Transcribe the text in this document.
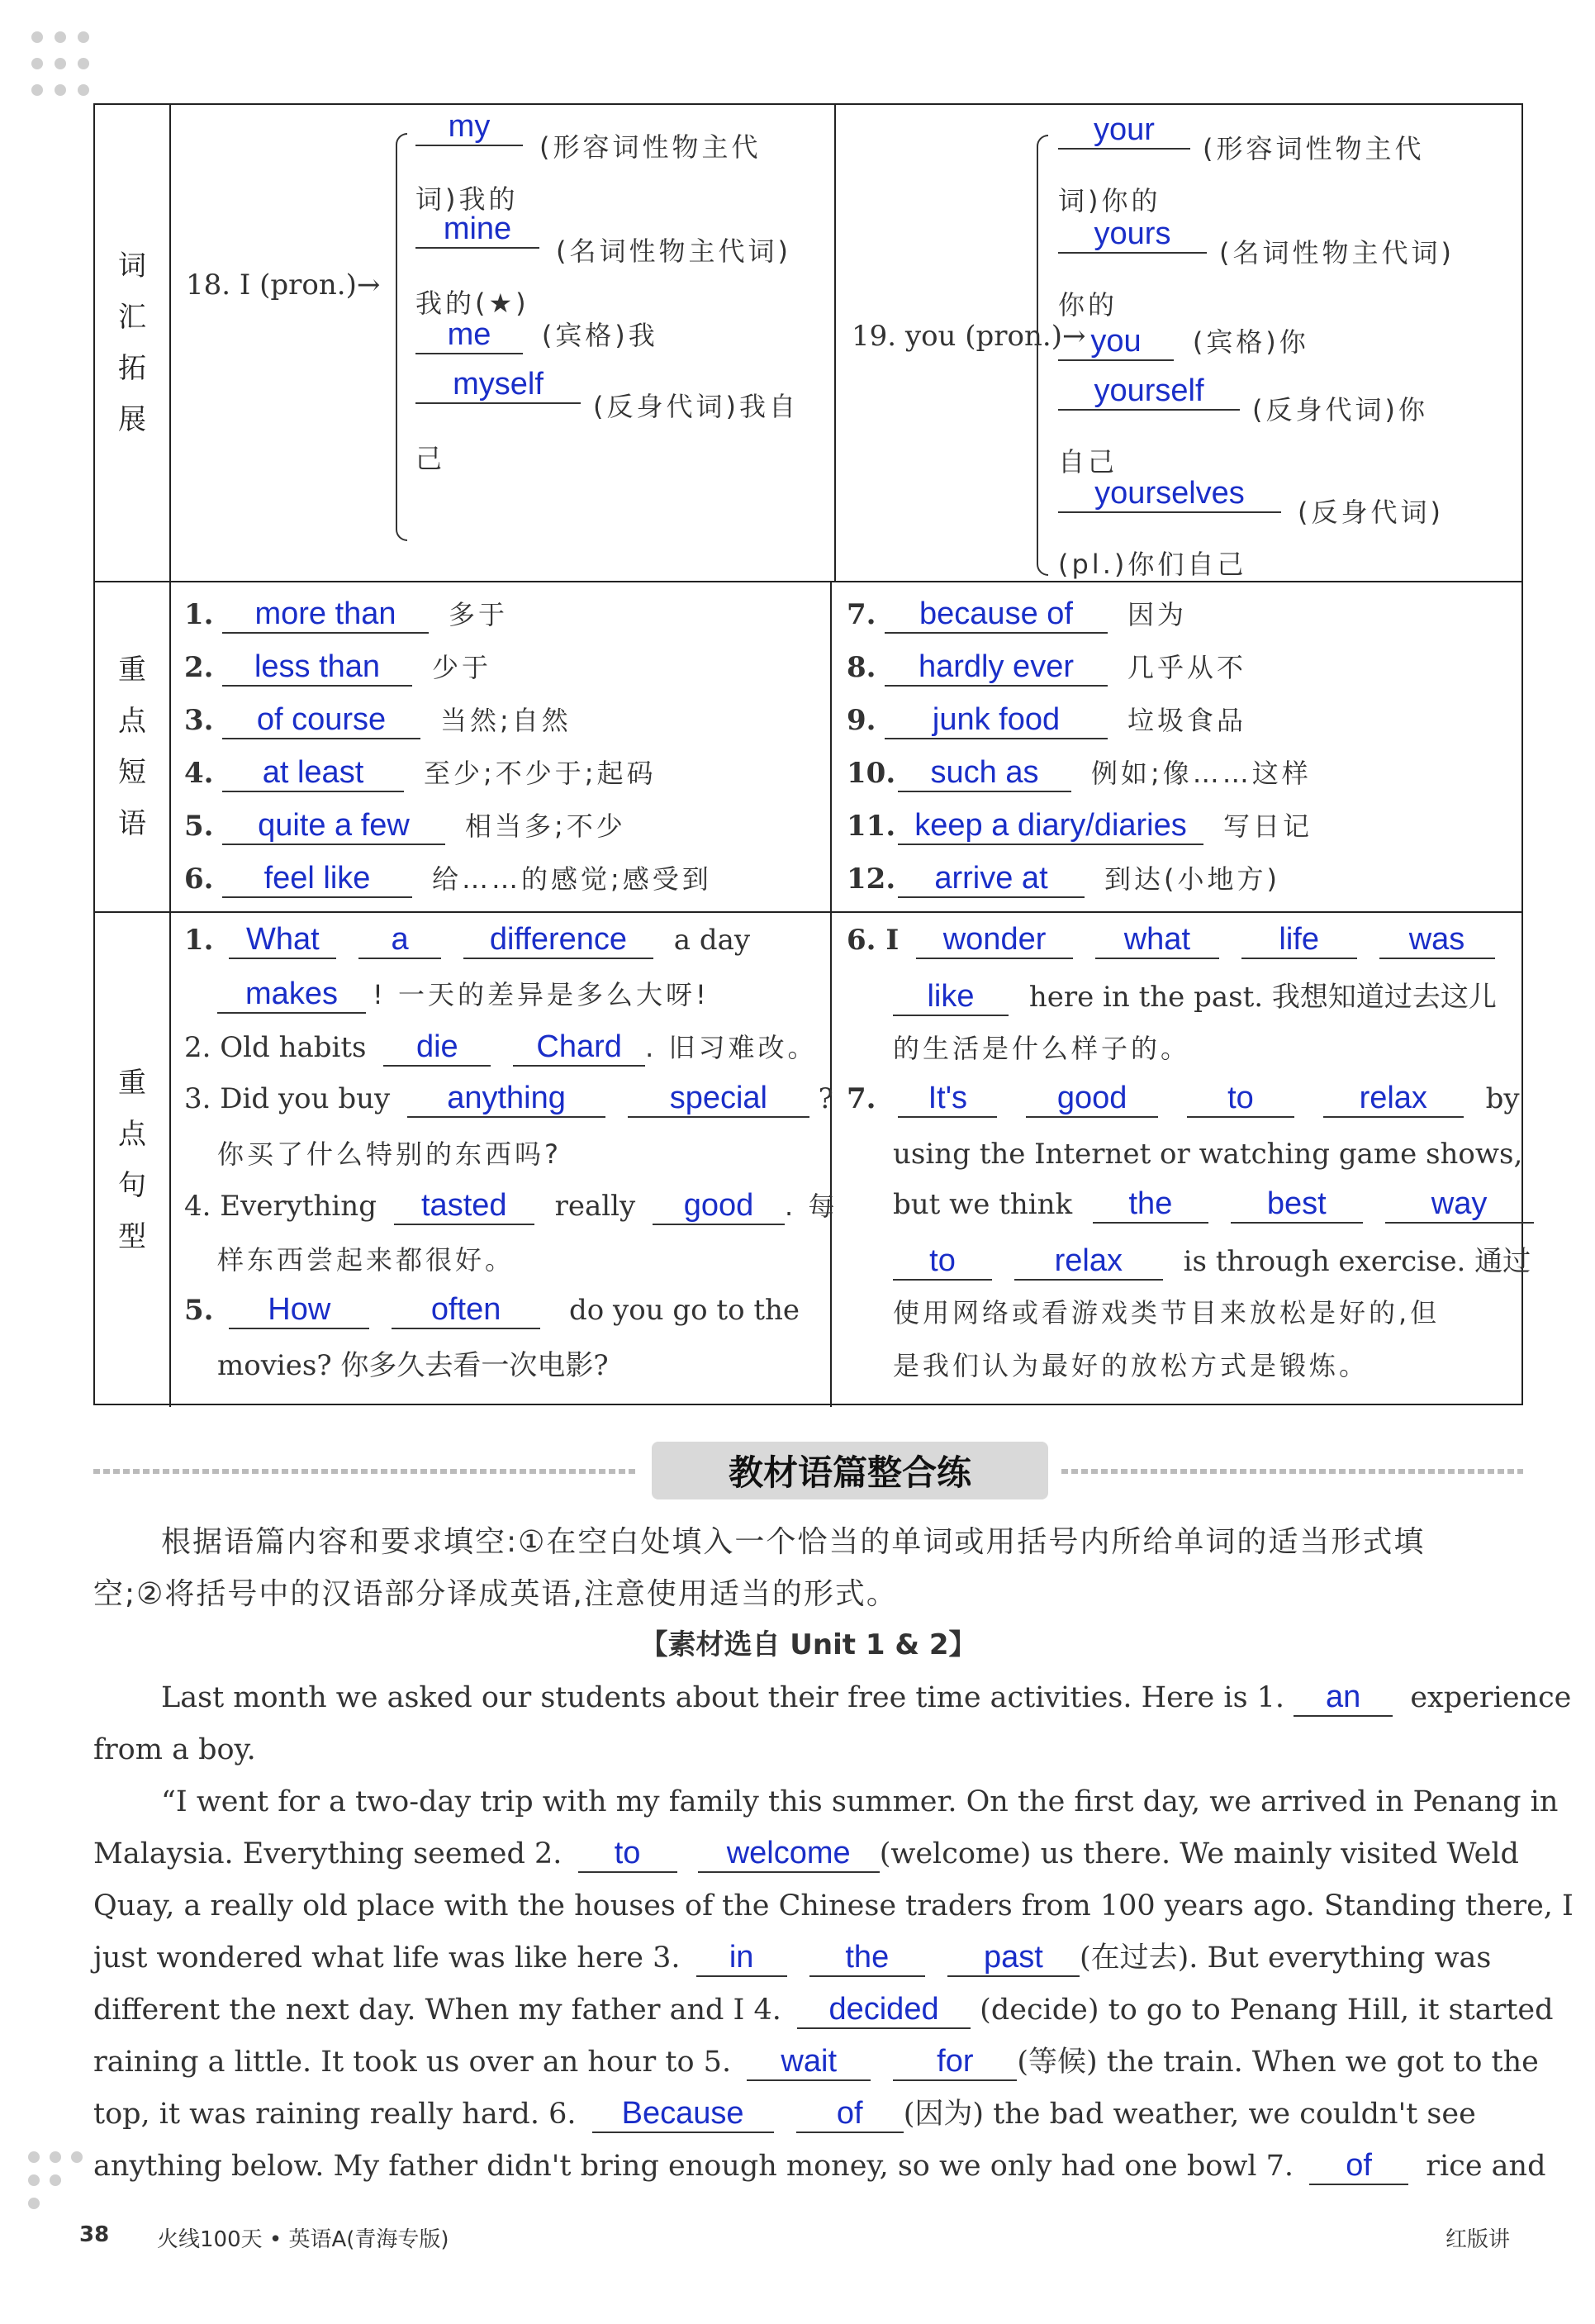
词
汇
拓
展
18. I (pron.)→
my
(形容词性物主代词)我的
mine
(名词性物主代词)我的(★)
me (宾格)我
myself
(反身代词)我自己
19. you (pron.)→
your
(形容词性物主代词)你的
yours
(名词性物主代词)你的
you (宾格)你
yourself
(反身代词)你自己
yourselves
(反身代词)(pl.)你们自己
重
点
短
语
1. more than 多于
2. less than 少于
3. of course 当然;自然
4. at least 至少;不少于;起码
5. quite a few 相当多;不少
6. feel like 给……的感觉;感受到
7. because of 因为
8. hardly ever 几乎从不
9. junk food	垃圾食品
10. such as 例如;像……这样
11. keep a diary/diaries 写日记
12. arrive at 到达(小地方)
重
点
句
型
1. What a	difference a day
makes ! 一天的差异是多么大呀!
2. Old habits die Chard . 旧习难改。
3. Did you buy anything	special ?
你买了什么特别的东西吗?
4. Everything tasted really good . 每
样东西尝起来都很好。
5. How	often do you go to the
movies? 你多久去看一次电影?
6. I wonder what	life	was
like here in the past. 我想知道过去这儿
的生活是什么样子的。
7. It's	good	to	relax by
using the Internet or watching game shows,
but we think the	best	way
to	relax is through exercise. 通过
使用网络或看游戏类节目来放松是好的,但
是我们认为最好的放松方式是锻炼。
教材语篇整合练
根据语篇内容和要求填空:①在空白处填入一个恰当的单词或用括号内所给单词的适当形式填
空;②将括号中的汉语部分译成英语,注意使用适当的形式。
【素材选自 Unit 1 & 2】
Last month we asked our students about their free time activities. Here is 1. an experience
from a boy.
“I went for a two-day trip with my family this summer. On the first day, we arrived in Penang in
Malaysia. Everything seemed 2. to	welcome (welcome) us there. We mainly visited Weld
Quay, a really old place with the houses of the Chinese traders from 100 years ago. Standing there, I
just wondered what life was like here 3. in	the	past (在过去). But everything was
different the next day. When my father and I 4. decided (decide) to go to Penang Hill, it started
raining a little. It took us over an hour to 5. wait	for (等候) the train. When we got to the
top, it was raining really hard. 6. Because	of (因为) the bad weather, we couldn't see
anything below. My father didn't bring enough money, so we only had one bowl 7. of rice and
38 火线100天 • 英语A(青海专版)	红版讲
